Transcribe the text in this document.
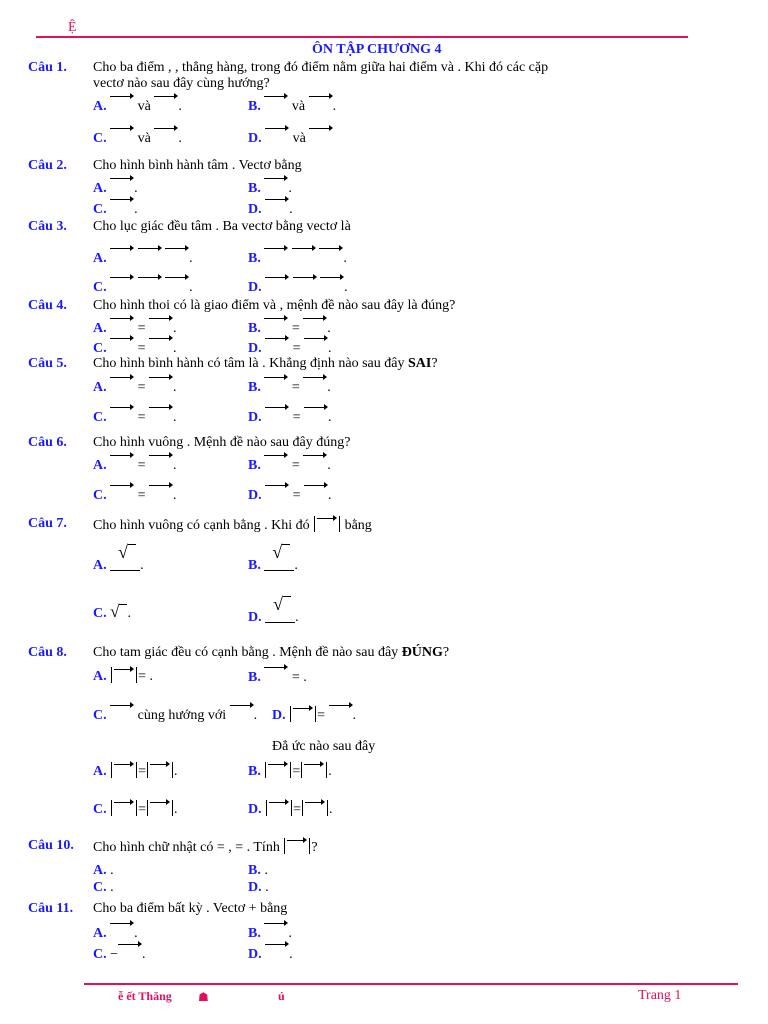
Ệ
ÔN TẬP CHƯƠNG 4
Câu 1. Cho ba điểm , , thẳng hàng, trong đó điểm nằm giữa hai điểm và . Khi đó các cặp
vectơ nào sau đây cùng hướng?
A. và .	B. và .
C. và .	D. và
Câu 2. Cho hình bình hành tâm . Vectơ bằng
A. .	B. .
C. .	D. .
Câu 3. Cho lục giác đều tâm . Ba vectơ bằng vectơ là
A.	.	B.	.
C.	.	D.	.
Câu 4. Cho hình thoi có là giao điểm và , mệnh đề nào sau đây là đúng?
A. = .	B. = .
C. = .	D. = .
Câu 5. Cho hình bình hành có tâm là . Khẳng định nào sau đây SAI?
A. = .	B. = .
C. = .	D. = .
Câu 6. Cho hình vuông . Mệnh đề nào sau đây đúng?
A. = .	B. = .
C. = .	D. = .
Câu 7. Cho hình vuông có cạnh bằng . Khi đó	bằng
A.
√
.	B.
√
.
C. √ .	D.
√
.
Câu 8. Cho tam giác đều có cạnh bằng . Mệnh đề nào sau đây ĐÚNG?
A. = .	B. = .
C. cùng hướng với . D. = .
Đẳ ức nào sau đây
A. = .	B. = .
C. = .	D. = .
Câu 10. Cho hình chữ nhật có = , = . Tính ?
A. .	B. .
C. .	D. .
Câu 11. Cho ba điểm bất kỳ . Vectơ + bằng
A. .	B. .
C. − .	D. .
ễ ết Thăng ☗	ú	Trang 1
